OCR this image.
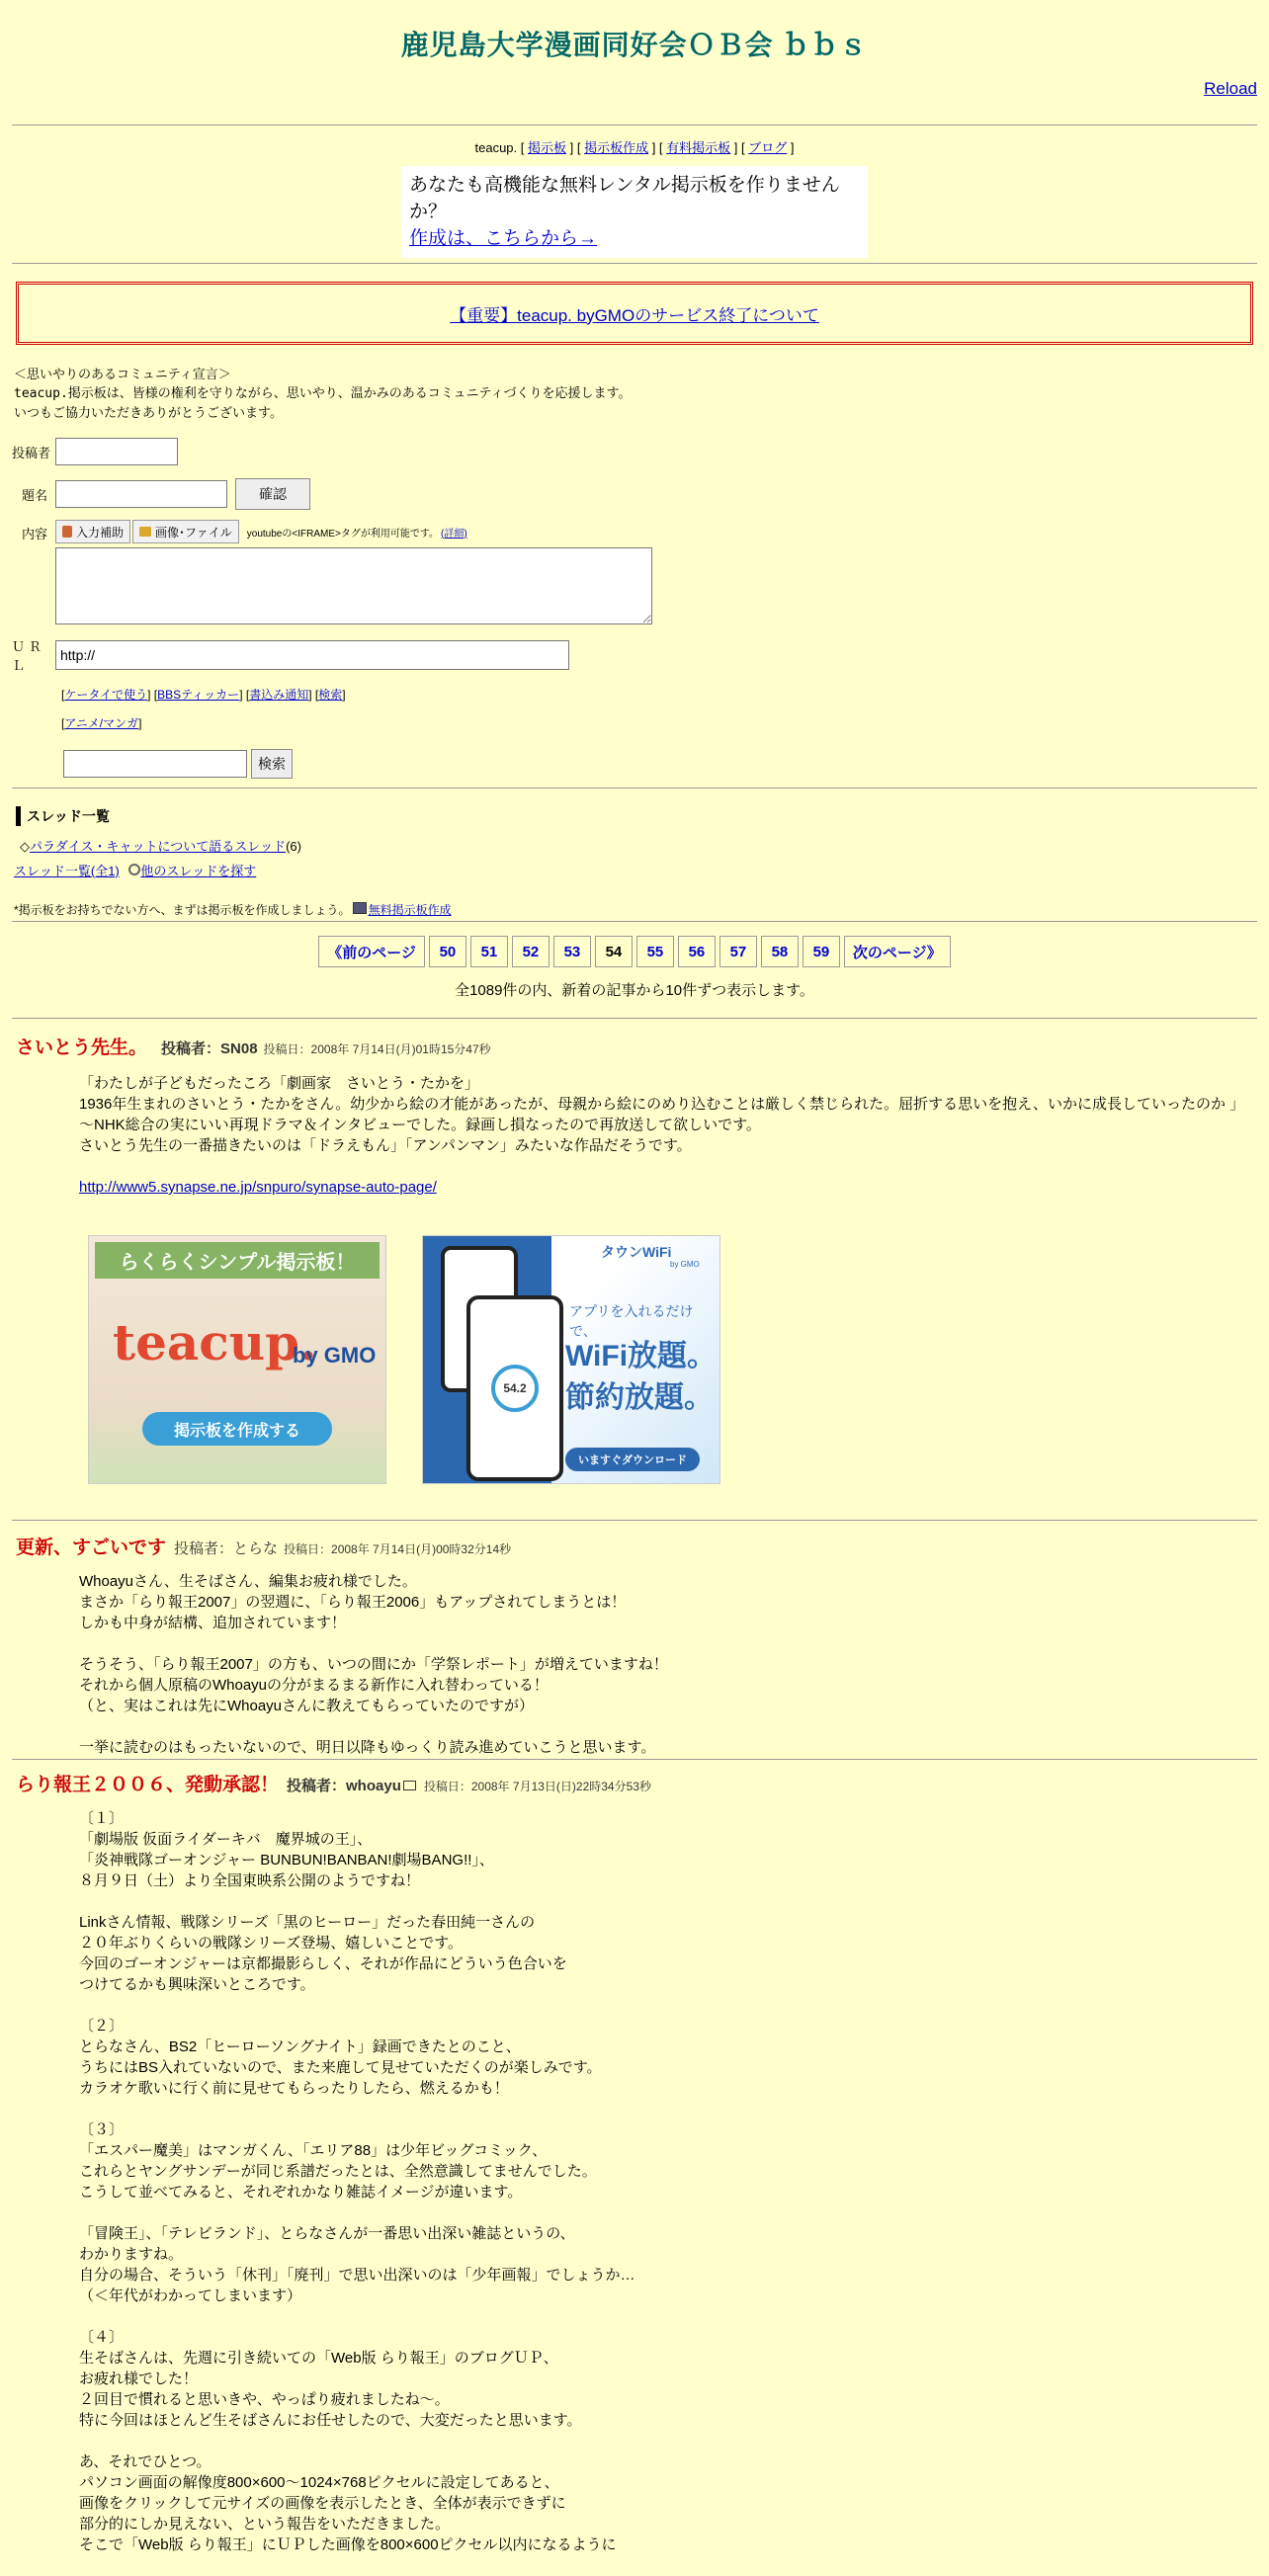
鹿児島大学漫画同好会ＯＢ会 ｂｂｓ
Reload
teacup. [ 掲示板 ] [ 掲示板作成 ] [ 有料掲示板 ] [ ブログ ]
あなたも高機能な無料レンタル掲示板を作りませんか？
作成は、こちらから→
【重要】teacup. byGMOのサービス終了について
＜思いやりのあるコミュニティ宣言＞
teacup.掲示板は、皆様の権利を守りながら、思いやり、温かみのあるコミュニティづくりを応援します。
いつもご協力いただきありがとうございます。
投稿者
題名	確認
内容	入力補助	画像･ファイル youtubeの<IFRAME>タグが利用可能です。 (詳細)
ＵＲＬ
http://
[ケータイで使う] [BBSティッカー] [書込み通知] [検索]
[アニメ/マンガ]
検索
スレッド一覧
◇パラダイス・キャットについて語るスレッド(6)
スレッド一覧(全1) 他のスレッドを探す
*掲示板をお持ちでない方へ、まずは掲示板を作成しましょう。 無料掲示板作成
《前のページ	50	51	52	53	54	55	56	57	58	59	次のページ》
全1089件の内、新着の記事から10件ずつ表示します。
さいとう先生。 投稿者：SN08 投稿日：2008年 7月14日(月)01時15分47秒
「わたしが子どもだったころ「劇画家　さいとう・たかを」
1936年生まれのさいとう・たかをさん。幼少から絵の才能があったが、母親から絵にのめり込むことは厳しく禁じられた。屈折する思いを抱え、いかに成長していったのか 」
～NHK総合の実にいい再現ドラマ＆インタビューでした。録画し損なったので再放送して欲しいです。
さいとう先生の一番描きたいのは「ドラえもん」「アンパンマン」みたいな作品だそうです。
http://www5.synapse.ne.jp/snpuro/synapse-auto-page/
らくらくシンプル掲示板！
teacup.
by GMO
掲示板を作成する
54.2
タウンWiFi
by GMO
アプリを入れるだけで、
WiFi放題。
節約放題。
いますぐダウンロード
更新、すごいです 投稿者：とらな 投稿日：2008年 7月14日(月)00時32分14秒

Whoayuさん、生そばさん、編集お疲れ様でした。
まさか「らり報王2007」の翌週に、「らり報王2006」もアップされてしまうとは！
しかも中身が結構、追加されています！

そうそう、「らり報王2007」の方も、いつの間にか「学祭レポート」が増えていますね！
それから個人原稿のWhoayuの分がまるまる新作に入れ替わっている！
（と、実はこれは先にWhoayuさんに教えてもらっていたのですが）

一挙に読むのはもったいないので、明日以降もゆっくり読み進めていこうと思います。

らり報王２００６、発動承認！ 投稿者：whoayu 投稿日：2008年 7月13日(日)22時34分53秒

〔１〕
「劇場版 仮面ライダーキバ　魔界城の王」、
「炎神戦隊ゴーオンジャー BUNBUN!BANBAN!劇場BANG!!」、
８月９日（土）より全国東映系公開のようですね！

Linkさん情報、戦隊シリーズ「黒のヒーロー」だった春田純一さんの
２０年ぶりくらいの戦隊シリーズ登場、嬉しいことです。
今回のゴーオンジャーは京都撮影らしく、それが作品にどういう色合いを
つけてるかも興味深いところです。

〔２〕
とらなさん、BS2「ヒーローソングナイト」録画できたとのこと、
うちにはBS入れていないので、また来鹿して見せていただくのが楽しみです。
カラオケ歌いに行く前に見せてもらったりしたら、燃えるかも！

〔３〕
「エスパー魔美」はマンガくん、「エリア88」は少年ビッグコミック、
これらとヤングサンデーが同じ系譜だったとは、全然意識してませんでした。
こうして並べてみると、それぞれかなり雑誌イメージが違います。

「冒険王」、「テレビランド」、とらなさんが一番思い出深い雑誌というの、
わかりますね。
自分の場合、そういう「休刊」「廃刊」で思い出深いのは「少年画報」でしょうか…
（＜年代がわかってしまいます）

〔４〕
生そばさんは、先週に引き続いての「Web版 らり報王」のブログＵＰ、
お疲れ様でした！
２回目で慣れると思いきや、やっぱり疲れましたね～。
特に今回はほとんど生そばさんにお任せしたので、大変だったと思います。

あ、それでひとつ。
パソコン画面の解像度800×600～1024×768ピクセルに設定してあると、
画像をクリックして元サイズの画像を表示したとき、全体が表示できずに
部分的にしか見えない、という報告をいただきました。
そこで「Web版 らり報王」にＵＰした画像を800×600ピクセル以内になるように
